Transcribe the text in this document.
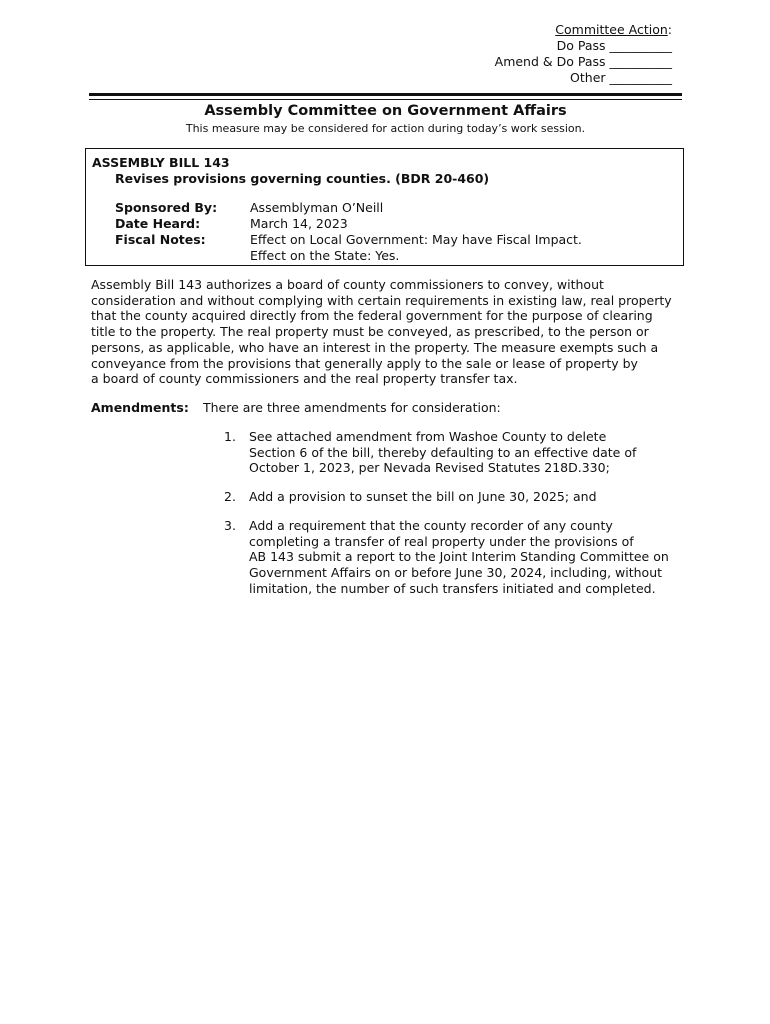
Committee Action:
Do Pass __________
Amend & Do Pass __________
Other __________
Assembly Committee on Government Affairs
This measure may be considered for action during today’s work session.
ASSEMBLY BILL 143
Revises provisions governing counties. (BDR 20-460)
Sponsored By:
Date Heard:
Fiscal Notes:
Assemblyman O’Neill
March 14, 2023
Effect on Local Government: May have Fiscal Impact.
Effect on the State: Yes.

Assembly Bill 143 authorizes a board of county commissioners to convey, without
consideration and without complying with certain requirements in existing law, real property
that the county acquired directly from the federal government for the purpose of clearing
title to the property. The real property must be conveyed, as prescribed, to the person or
persons, as applicable, who have an interest in the property. The measure exempts such a
conveyance from the provisions that generally apply to the sale or lease of property by
a board of county commissioners and the real property transfer tax.

Amendments: There are three amendments for consideration:
1. See attached amendment from Washoe County to delete
Section 6 of the bill, thereby defaulting to an effective date of
October 1, 2023, per Nevada Revised Statutes 218D.330;
2. Add a provision to sunset the bill on June 30, 2025; and
3. Add a requirement that the county recorder of any county
completing a transfer of real property under the provisions of
AB 143 submit a report to the Joint Interim Standing Committee on
Government Affairs on or before June 30, 2024, including, without
limitation, the number of such transfers initiated and completed.
